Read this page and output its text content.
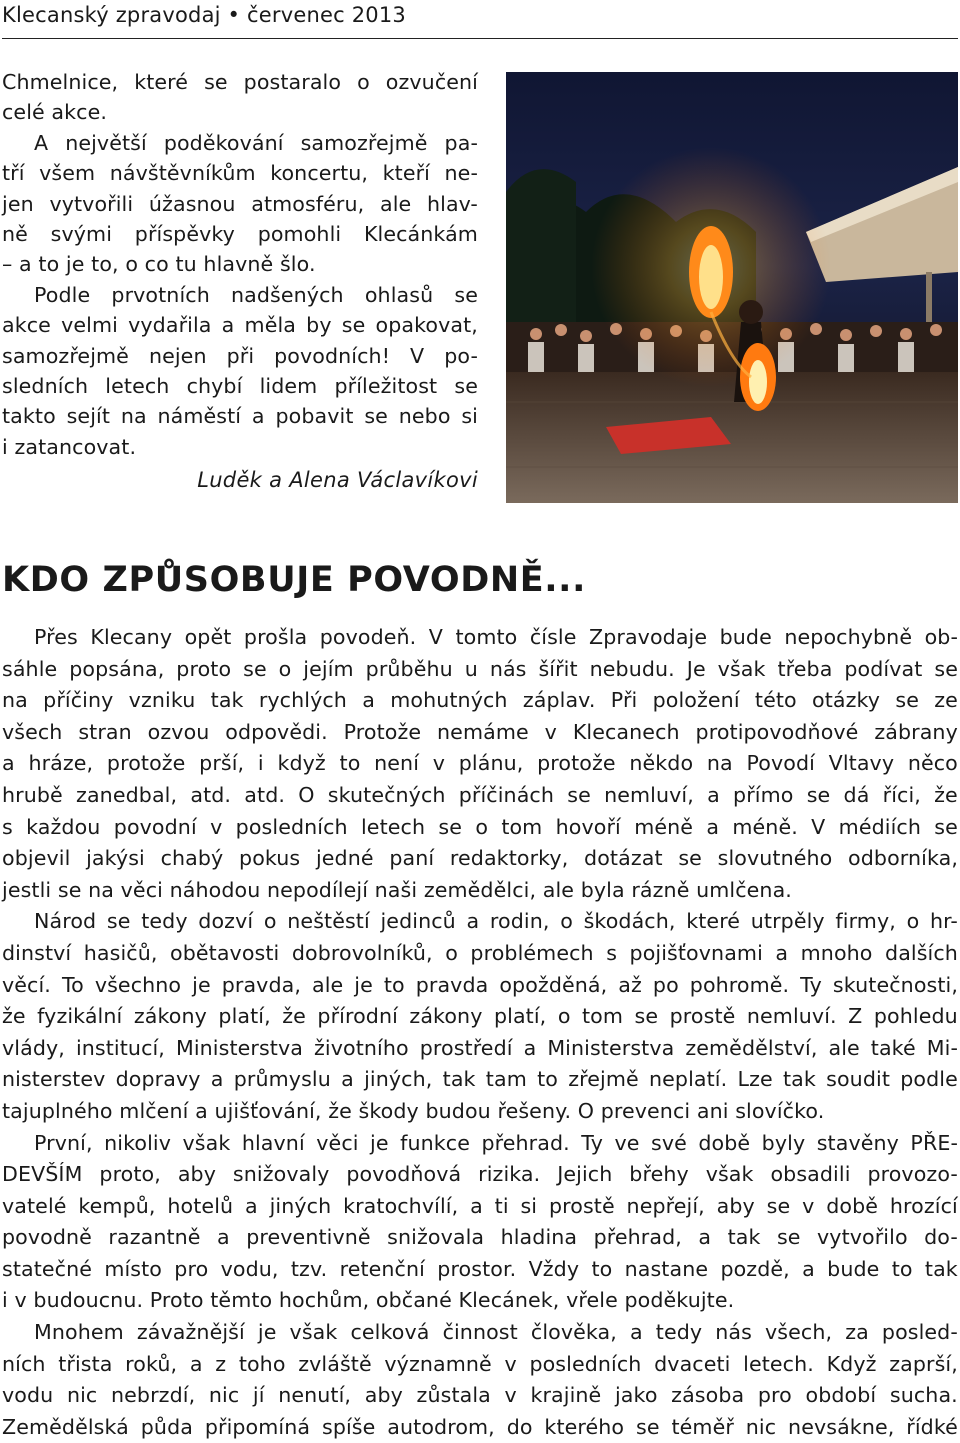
Klecanský zpravodaj • červenec 2013
Chmelnice, které se postaralo o ozvučení
celé akce.
A největší poděkování samozřejmě pa-
tří všem návštěvníkům koncertu, kteří ne-
jen vytvořili úžasnou atmosféru, ale hlav-
ně svými příspěvky pomohli Klecánkám
– a to je to, o co tu hlavně šlo.
Podle prvotních nadšených ohlasů se
akce velmi vydařila a měla by se opakovat,
samozřejmě nejen při povodních! V po-
sledních letech chybí lidem příležitost se
takto sejít na náměstí a pobavit se nebo si
i zatancovat.
Luděk a Alena Václavíkovi
KDO ZPŮSOBUJE POVODNĚ...
Přes Klecany opět prošla povodeň. V tomto čísle Zpravodaje bude nepochybně ob-
sáhle popsána, proto se o jejím průběhu u nás šířit nebudu. Je však třeba podívat se
na příčiny vzniku tak rychlých a mohutných záplav. Při položení této otázky se ze
všech stran ozvou odpovědi. Protože nemáme v Klecanech protipovodňové zábrany
a hráze, protože prší, i když to není v plánu, protože někdo na Povodí Vltavy něco
hrubě zanedbal, atd. atd. O skutečných příčinách se nemluví, a přímo se dá říci, že
s každou povodní v posledních letech se o tom hovoří méně a méně. V médiích se
objevil jakýsi chabý pokus jedné paní redaktorky, dotázat se slovutného odborníka,
jestli se na věci náhodou nepodílejí naši zemědělci, ale byla rázně umlčena.
Národ se tedy dozví o neštěstí jedinců a rodin, o škodách, které utrpěly firmy, o hr-
dinství hasičů, obětavosti dobrovolníků, o problémech s pojišťovnami a mnoho dalších
věcí. To všechno je pravda, ale je to pravda opožděná, až po pohromě. Ty skutečnosti,
že fyzikální zákony platí, že přírodní zákony platí, o tom se prostě nemluví. Z pohledu
vlády, institucí, Ministerstva životního prostředí a Ministerstva zemědělství, ale také Mi-
nisterstev dopravy a průmyslu a jiných, tak tam to zřejmě neplatí. Lze tak soudit podle
tajuplného mlčení a ujišťování, že škody budou řešeny. O prevenci ani slovíčko.
První, nikoliv však hlavní věci je funkce přehrad. Ty ve své době byly stavěny PŘE-
DEVŠÍM proto, aby snižovaly povodňová rizika. Jejich břehy však obsadili provozo-
vatelé kempů, hotelů a jiných kratochvílí, a ti si prostě nepřejí, aby se v době hrozící
povodně razantně a preventivně snižovala hladina přehrad, a tak se vytvořilo do-
statečné místo pro vodu, tzv. retenční prostor. Vždy to nastane pozdě, a bude to tak
i v budoucnu. Proto těmto hochům, občané Klecánek, vřele poděkujte.
Mnohem závažnější je však celková činnost člověka, a tedy nás všech, za posled-
ních třista roků, a z toho zvláště významně v posledních dvaceti letech. Když zaprší,
vodu nic nebrzdí, nic jí nenutí, aby zůstala v krajině jako zásoba pro období sucha.
Zemědělská půda připomíná spíše autodrom, do kterého se téměř nic nevsákne, řídké
